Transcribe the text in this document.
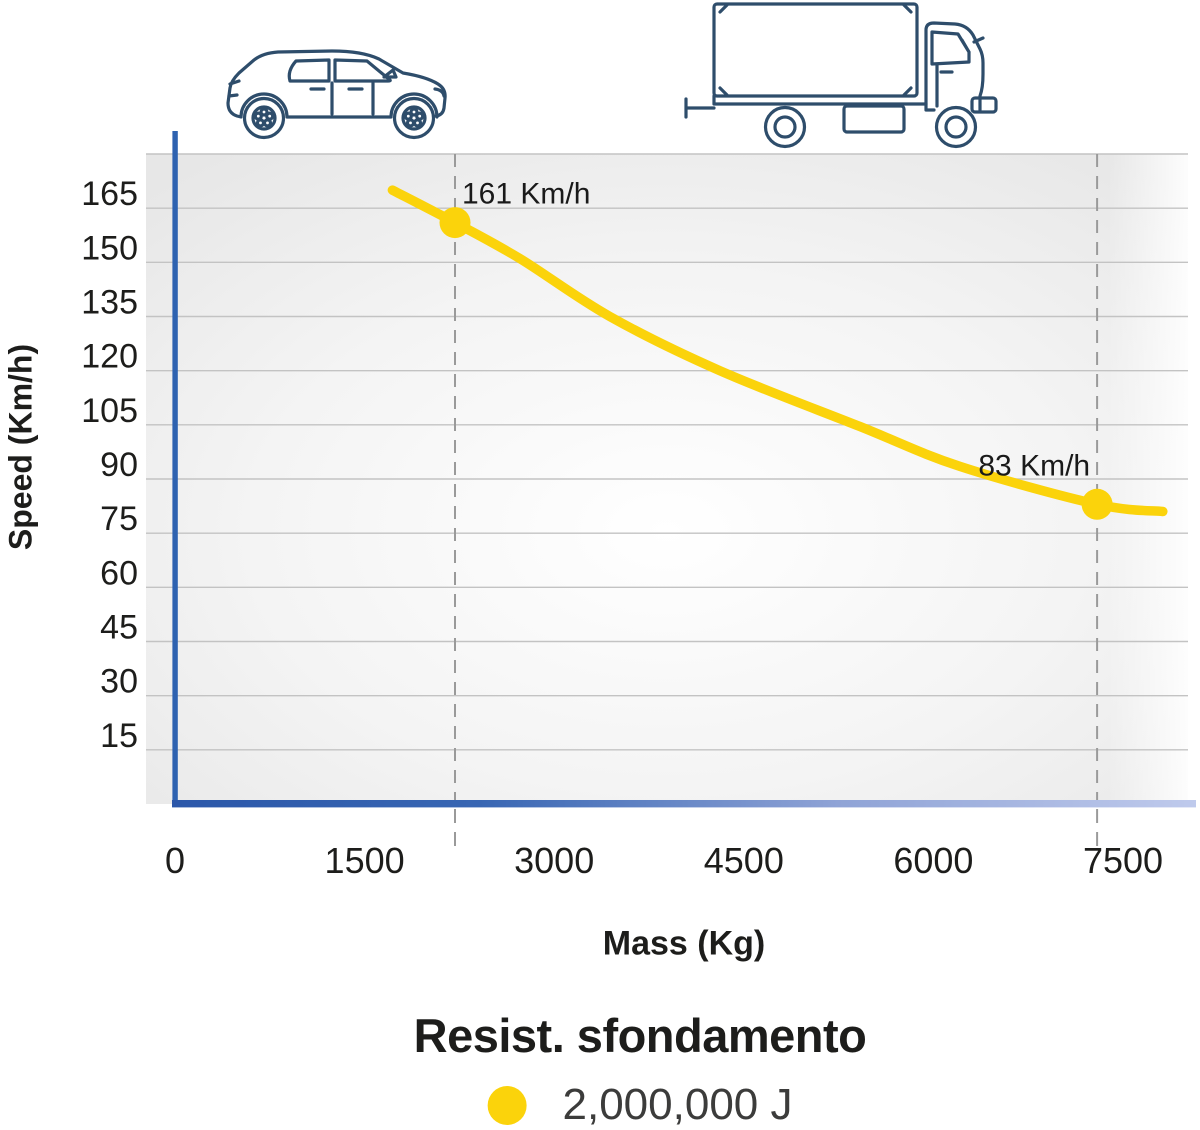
165
150
135
120
105
90
75
60
45
30
15
0	1500	3000	4500	6000	7500
161 Km/h
83 Km/h
Speed (Km/h)
Mass (Kg)
Resist. sfondamento
2,000,000 J
